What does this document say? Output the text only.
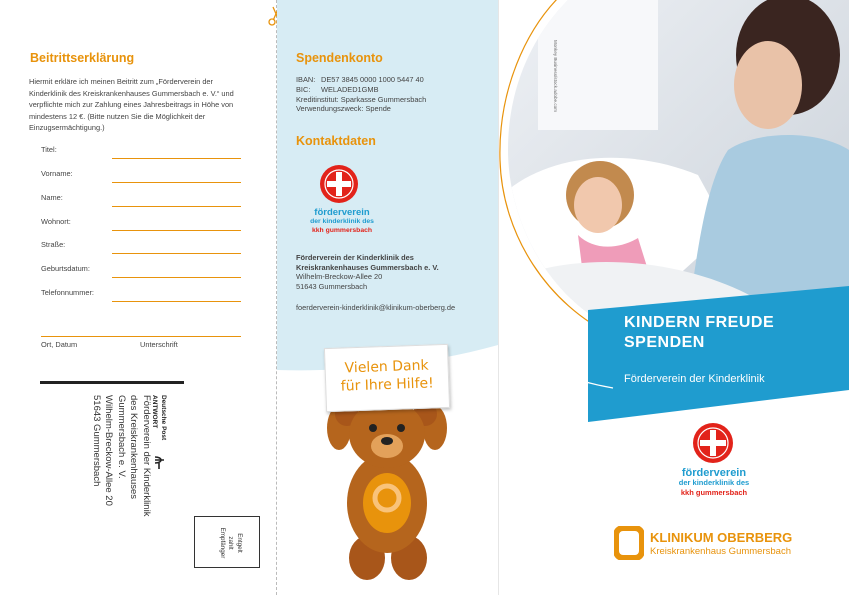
Beitrittserklärung
Hiermit erkläre ich meinen Beitritt zum „Förderverein der Kinderklinik des Kreiskrankenhauses Gummersbach e. V.“ und verpflichte mich zur Zahlung eines Jahresbeitrags in Höhe von mindestens 12 €. (Bitte nutzen Sie die Möglichkeit der Einzugsermächtigung.)
Titel:
Vorname:
Name:
Wohnort:
Straße:
Geburtsdatum:
Telefonnummer:
Ort, Datum	Unterschrift
Förderverein der Kinderklinik
des Kreiskrankenhauses
Gummersbach e. V.
Wilhelm-Breckow-Allee 20
51643 Gummersbach	Deutsche Post
ANTWORT
Entgelt
zahlt
Empfänger
Spendenkonto
IBAN: DE57 3845 0000 1000 5447 40
BIC: WELADED1GMB
Kreditinstitut: Sparkasse Gummersbach
Verwendungszweck: Spende
Kontaktdaten
förderverein
der kinderklinik des
kkh gummersbach
Förderverein der Kinderklinik des
Kreiskrankenhauses Gummersbach e. V.
Wilhelm-Breckow-Allee 20
51643 Gummersbach
foerderverein-kinderklinik@klinikum-oberberg.de
Vielen Dank
für Ihre Hilfe!
Monkey Business/stock.adobe.com
KINDERN FREUDE
SPENDEN
Förderverein der Kinderklinik
förderverein
der kinderklinik des
kkh gummersbach
KLINIKUM OBERBERG
Kreiskrankenhaus Gummersbach
